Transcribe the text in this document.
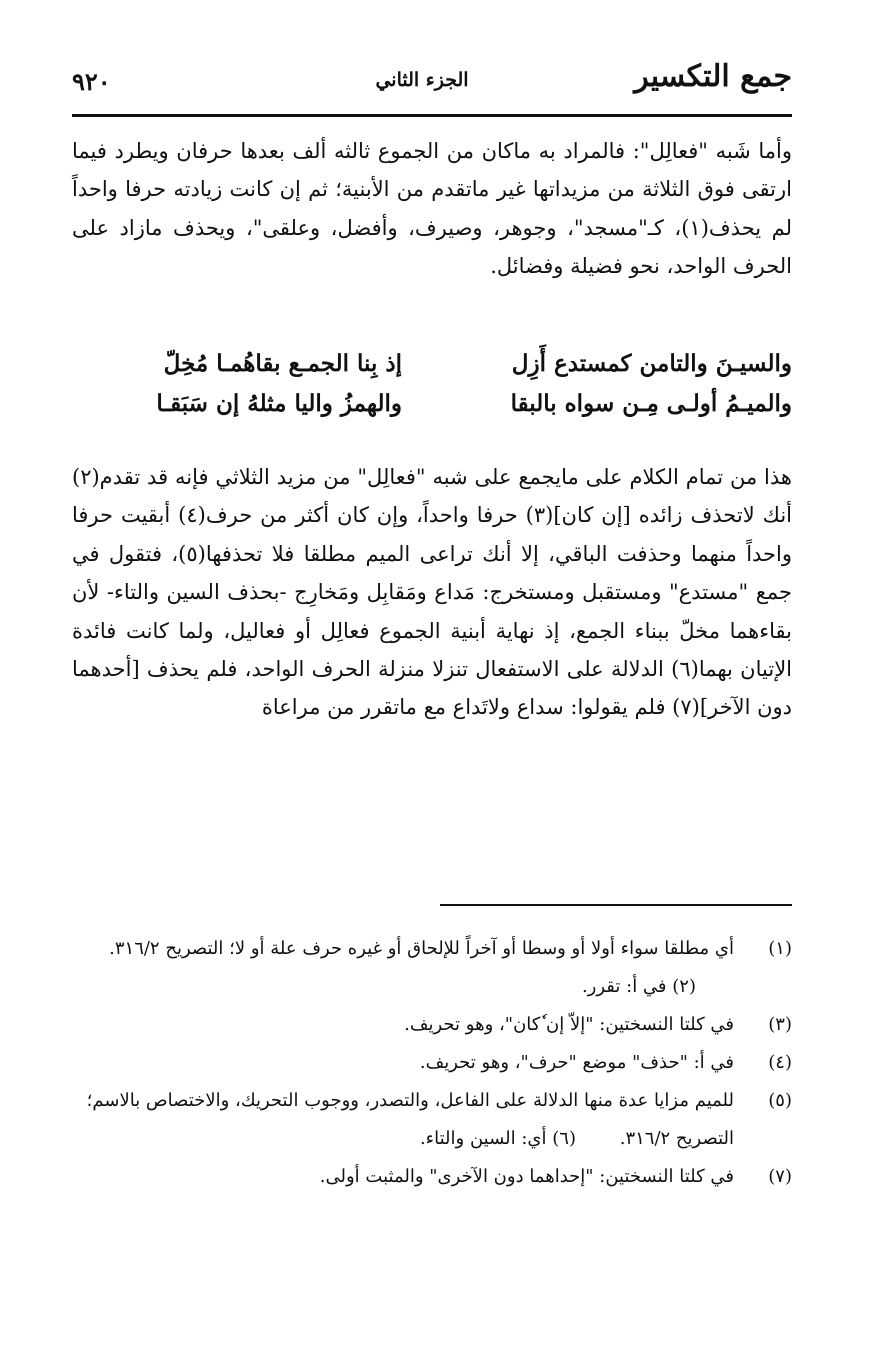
جمع التكسير
الجزء الثاني
٩٢٠

وأما شَبه "فعالِل": فالمراد به ماكان من الجموع ثالثه ألف بعدها حرفان ويطرد فيما ارتقى فوق الثلاثة من مزيداتها غير ماتقدم من الأبنية؛ ثم إن كانت زيادته حرفا واحداً لم يحذف(١)، كـ"مسجد"، وجوهر، وصيرف، وأفضل، وعلقى"، ويحذف مازاد على الحرف الواحد، نحو فضيلة وفضائل.

والسيـنَ والتامن كمستدع أَزِل
إذ بِنا الجمـع بقاهُمـا مُخِلّ
والميـمُ أولـى مِـن سواه بالبقا
والهمزُ واليا مثلهُ إن سَبَقـا

هذا من تمام الكلام على مايجمع على شبه "فعالِل" من مزيد الثلاثي فإنه قد تقدم(٢) أنك لاتحذف زائده [إن كان](٣) حرفا واحداً، وإن كان أكثر من حرف(٤) أبقيت حرفا واحداً منهما وحذفت الباقي، إلا أنك تراعى الميم مطلقا فلا تحذفها(٥)، فتقول في جمع "مستدع" ومستقبل ومستخرج: مَداع ومَقابِل ومَخارِج -بحذف السين والتاء- لأن بقاءهما مخلّ ببناء الجمع، إذ نهاية أبنية الجموع فعالِل أو فعاليل، ولما كانت فائدة الإتيان بهما(٦) الدلالة على الاستفعال تنزلا منزلة الحرف الواحد، فلم يحذف [أحدهما دون الآخر](٧) فلم يقولوا: سداع ولاتَداع مع ماتقرر من مراعاة

(١)
أي مطلقا سواء أولا أو وسطا أو آخراً للإلحاق أو غيره حرف علة أو لا؛ التصريح ٣١٦/٢. (٢) في أ: تقرر.
(٣)
في كلتا النسختين: "إلاّ إن ٗكان"، وهو تحريف.
(٤)
في أ: "حذف" موضع "حرف"، وهو تحريف.
(٥)
للميم مزايا عدة منها الدلالة على الفاعل، والتصدر، ووجوب التحريك، والاختصاص بالاسم؛ التصريح ٣١٦/٢. (٦) أي: السين والتاء.
(٧)
في كلتا النسختين: "إحداهما دون الآخرى" والمثبت أولى.
